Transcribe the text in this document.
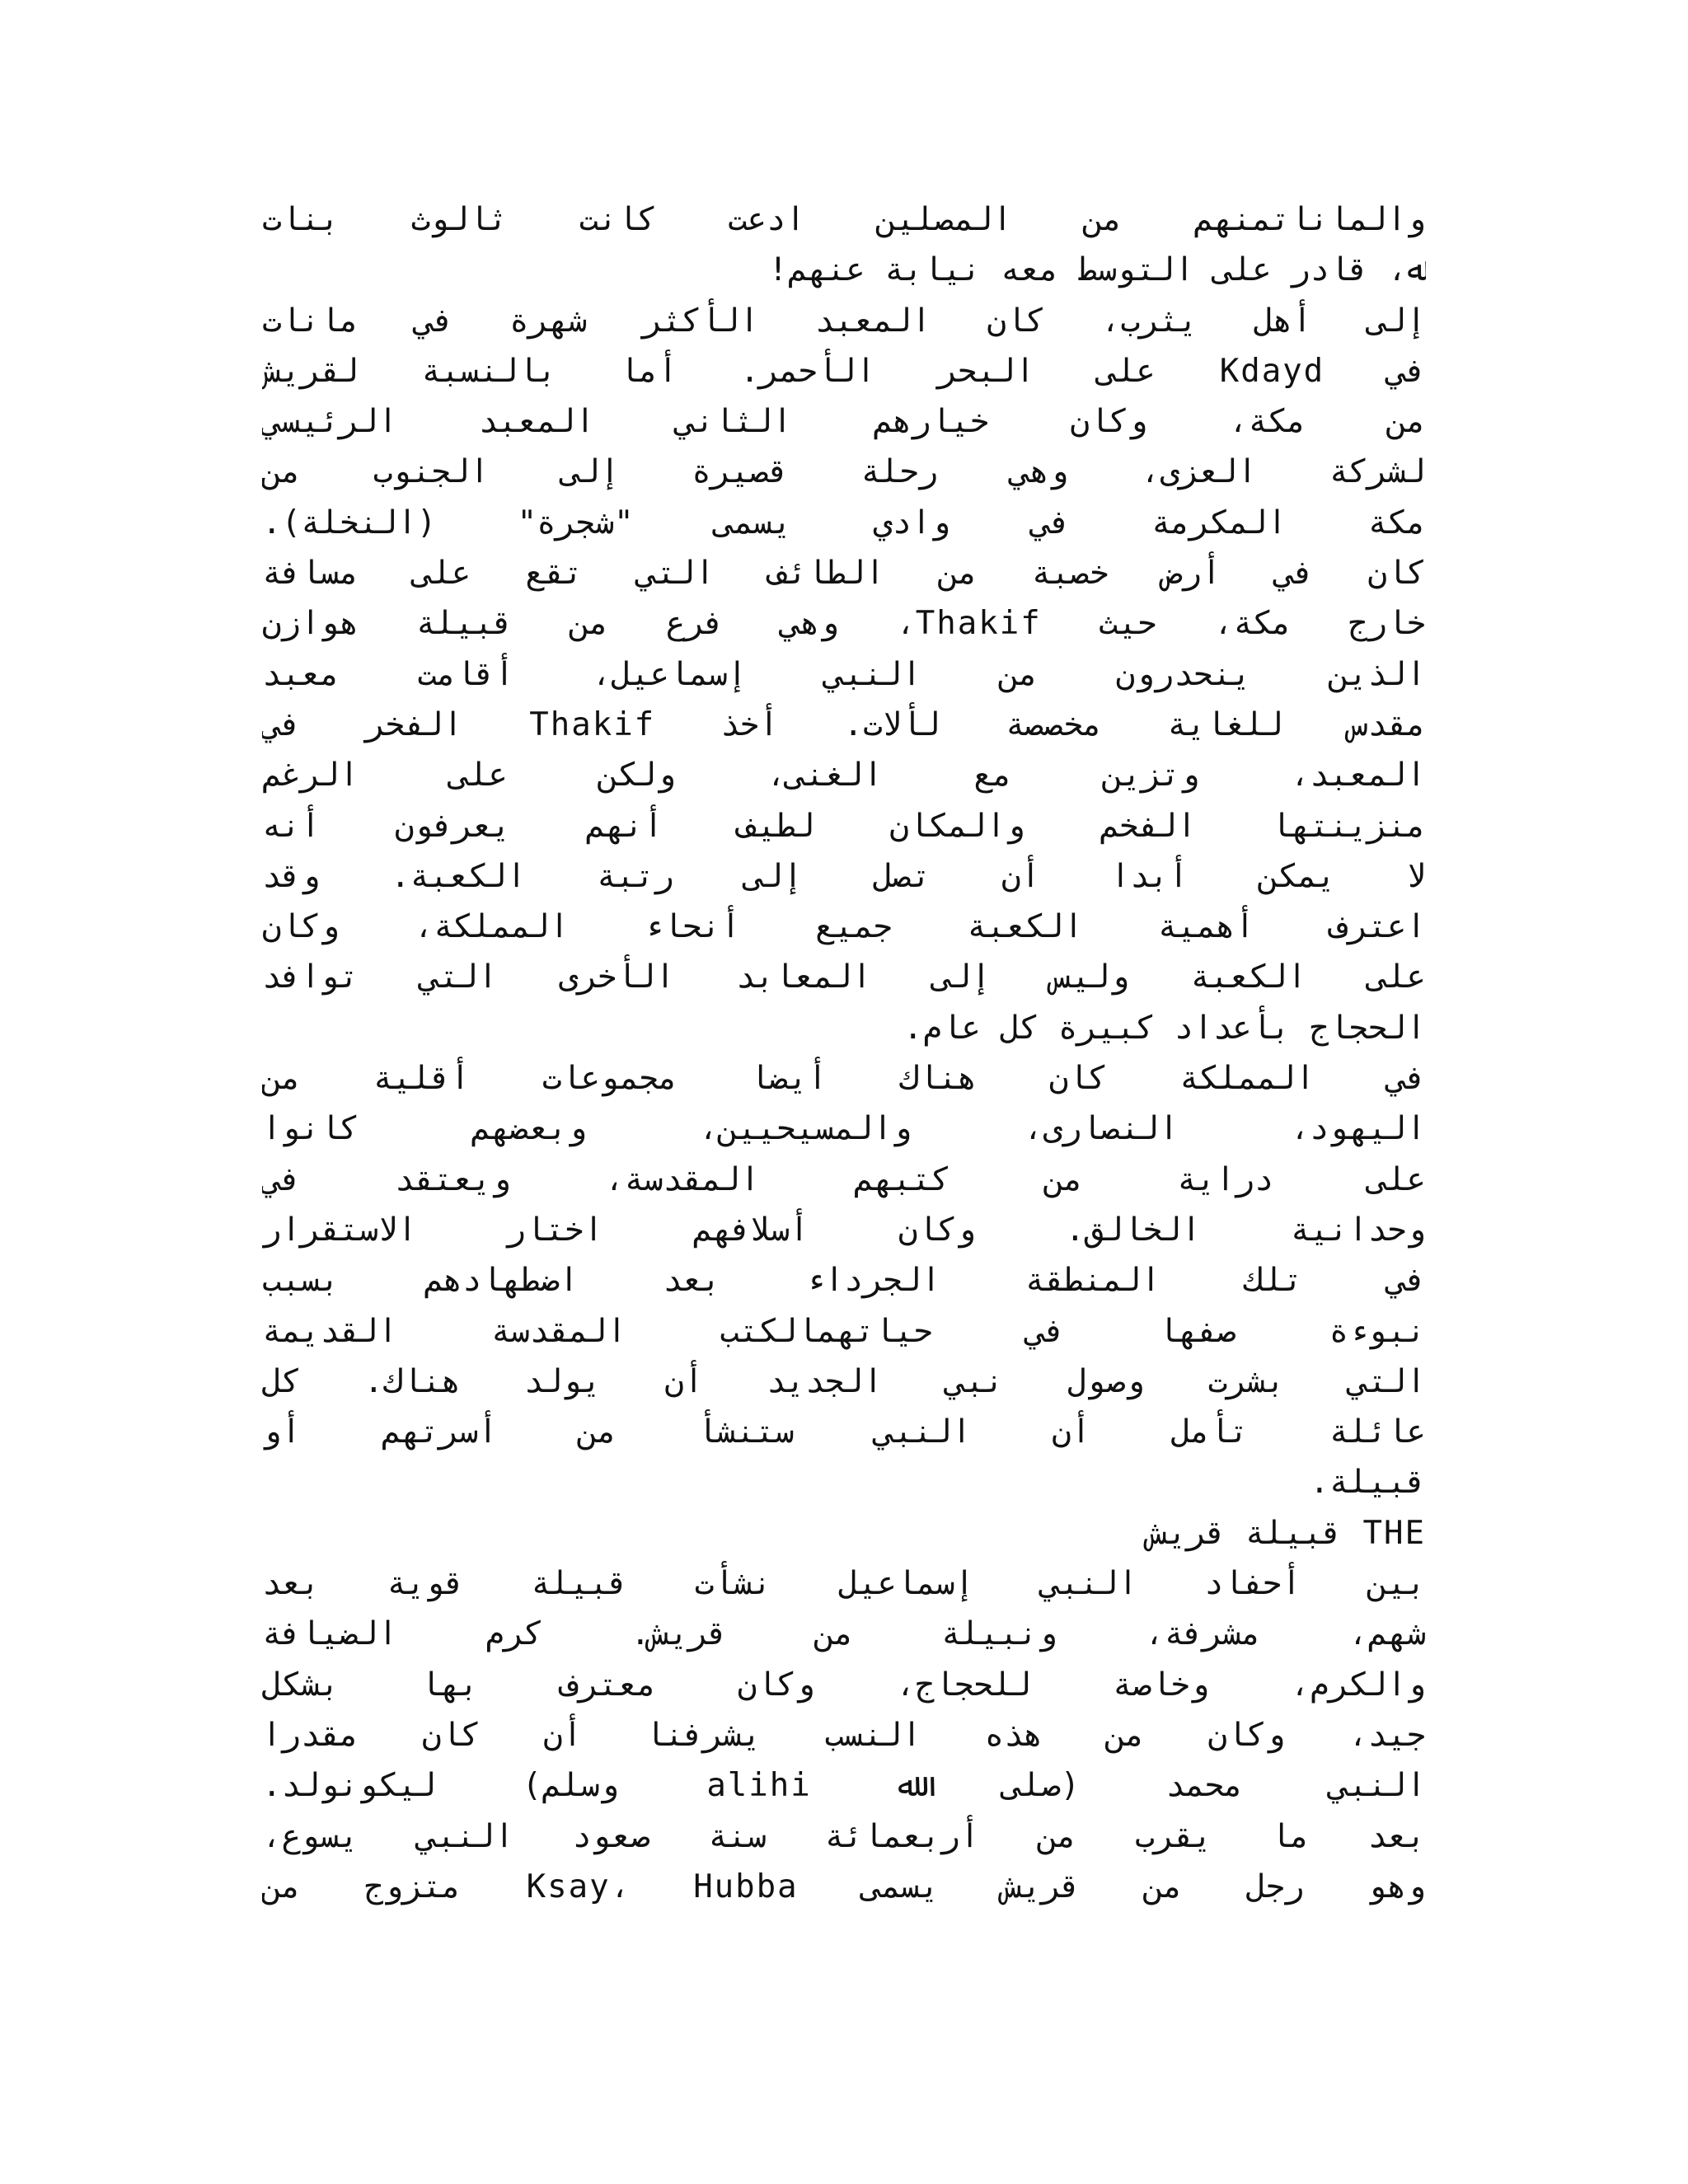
والماناتمنهم من المصلين ادعت كانت ثالوث بنات
ﷲ، قادر على التوسط معه نيابة عنهم!
إلى أهل يثرب، كان المعبد الأكثر شهرة في مانات
في Kdayd على البحر الأحمر. أما بالنسبة لقريش
من مكة، وكان خيارهم الثاني المعبد الرئيسي
لشركة العزى، وهي رحلة قصيرة إلى الجنوب من
مكة المكرمة في وادي يسمى "شجرة" (النخلة).
كان في أرض خصبة من الطائف التي تقع على مسافة
خارج مكة، حيث Thakif، وهي فرع من قبيلة هوازن
الذين ينحدرون من النبي إسماعيل، أقامت معبد
مقدس للغاية مخصصة لألات. أخذ Thakif الفخر في
المعبد، وتزين مع الغنى، ولكن على الرغم
منزينتها الفخم والمكان لطيف أنهم يعرفون أنه
لا يمكن أبدا أن تصل إلى رتبة الكعبة. وقد
اعترف أهمية الكعبة جميع أنحاء المملكة، وكان
على الكعبة وليس إلى المعابد الأخرى التي توافد
الحجاج بأعداد كبيرة كل عام.
في المملكة كان هناك أيضا مجموعات أقلية من
اليهود، النصارى، والمسيحيين، وبعضهم كانوا
على دراية من كتبهم المقدسة، ويعتقد في
وحدانية الخالق. وكان أسلافهم اختار الاستقرار
في تلك المنطقة الجرداء بعد اضطهادهم بسبب
نبوءة صفها في حياتهمالكتب المقدسة القديمة
التي بشرت وصول نبي الجديد أن يولد هناك. كل
عائلة تأمل أن النبي ستنشأ من أسرتهم أو
قبيلة.
THE قبيلة قريش
بين أحفاد النبي إسماعيل نشأت قبيلة قوية بعد
شهم، مشرفة، ونبيلة من قريش. كرم الضيافة
والكرم، وخاصة للحجاج، وكان معترف بها بشكل
جيد، وكان من هذه النسب يشرفنا أن كان مقدرا
النبي محمد (صلى ﷲ alihi وسلم) ليكونولد.
بعد ما يقرب من أربعمائة سنة صعود النبي يسوع،
وهو رجل من قريش يسمى Ksay، Hubba متزوج من
